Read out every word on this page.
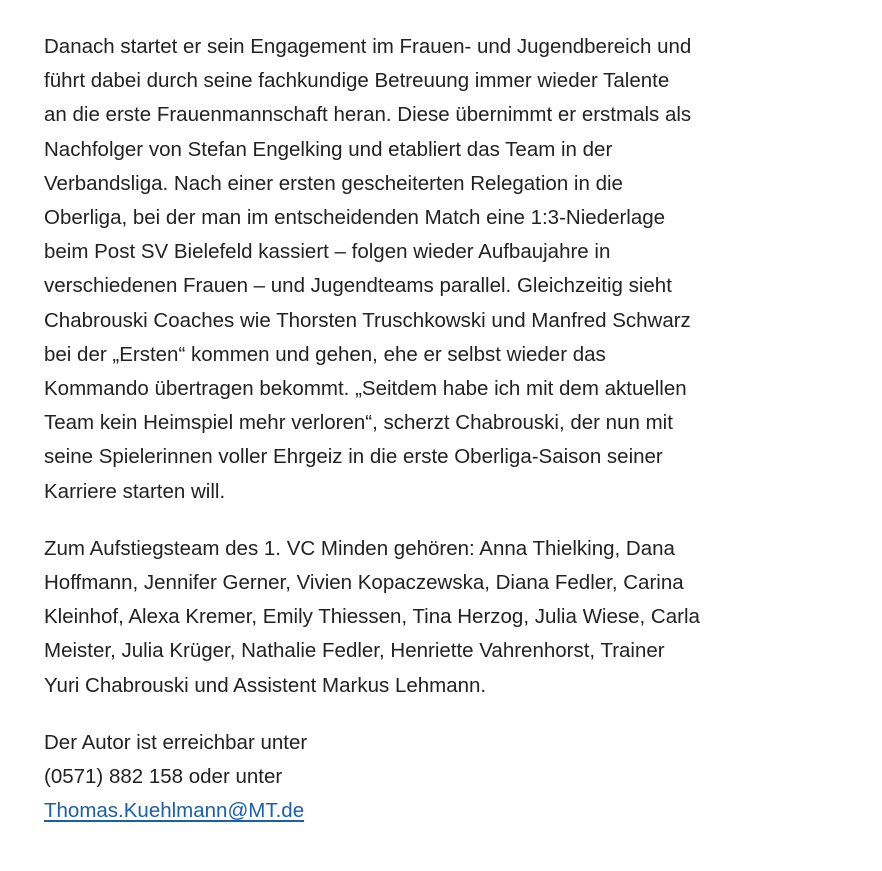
Danach startet er sein Engagement im Frauen- und Jugendbereich und
führt dabei durch seine fachkundige Betreuung immer wieder Talente
an die erste Frauenmannschaft heran. Diese übernimmt er erstmals als
Nachfolger von Stefan Engelking und etabliert das Team in der
Verbandsliga. Nach einer ersten gescheiterten Relegation in die
Oberliga, bei der man im entscheidenden Match eine 1:3-Niederlage
beim Post SV Bielefeld kassiert – folgen wieder Aufbaujahre in
verschiedenen Frauen – und Jugendteams parallel. Gleichzeitig sieht
Chabrouski Coaches wie Thorsten Truschkowski und Manfred Schwarz
bei der „Ersten“ kommen und gehen, ehe er selbst wieder das
Kommando übertragen bekommt. „Seitdem habe ich mit dem aktuellen
Team kein Heimspiel mehr verloren“, scherzt Chabrouski, der nun mit
seine Spielerinnen voller Ehrgeiz in die erste Oberliga-Saison seiner
Karriere starten will.

Zum Aufstiegsteam des 1. VC Minden gehören: Anna Thielking, Dana
Hoffmann, Jennifer Gerner, Vivien Kopaczewska, Diana Fedler, Carina
Kleinhof, Alexa Kremer, Emily Thiessen, Tina Herzog, Julia Wiese, Carla
Meister, Julia Krüger, Nathalie Fedler, Henriette Vahrenhorst, Trainer
Yuri Chabrouski und Assistent Markus Lehmann.

Der Autor ist erreichbar unter
(0571) 882 158 oder unter
Thomas.Kuehlmann@MT.de
